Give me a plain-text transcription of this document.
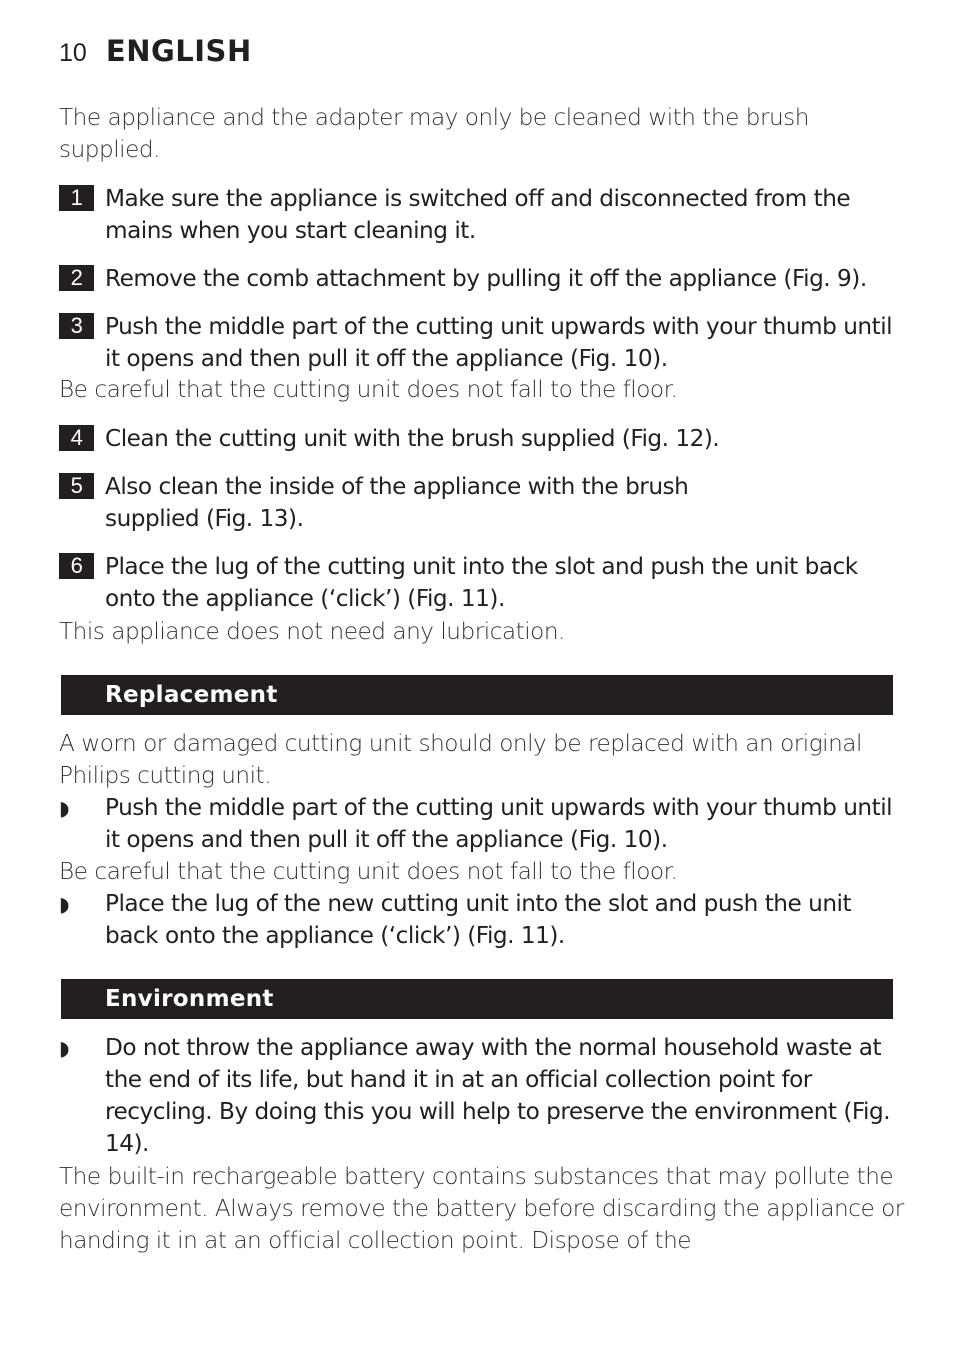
10 ENGLISH

The appliance and the adapter may only be cleaned with the brush supplied.

1 Make sure the appliance is switched off and disconnected from the mains when you start cleaning it.
2 Remove the comb attachment by pulling it off the appliance (Fig. 9).
3 Push the middle part of the cutting unit upwards with your thumb until it opens and then pull it off the appliance (Fig. 10).

Be careful that the cutting unit does not fall to the floor.

4 Clean the cutting unit with the brush supplied (Fig. 12).
5 Also clean the inside of the appliance with the brush supplied (Fig. 13).
6 Place the lug of the cutting unit into the slot and push the unit back onto the appliance (‘click’) (Fig. 11).

This appliance does not need any lubrication.

Replacement

A worn or damaged cutting unit should only be replaced with an original Philips cutting unit.

◗ Push the middle part of the cutting unit upwards with your thumb until it opens and then pull it off the appliance (Fig. 10).

Be careful that the cutting unit does not fall to the floor.

◗ Place the lug of the new cutting unit into the slot and push the unit back onto the appliance (‘click’) (Fig. 11).
Environment
◗ Do not throw the appliance away with the normal household waste at the end of its life, but hand it in at an official collection point for recycling. By doing this you will help to preserve the environment (Fig. 14).

The built-in rechargeable battery contains substances that may pollute the environment. Always remove the battery before discarding the appliance or handing it in at an official collection point. Dispose of the
